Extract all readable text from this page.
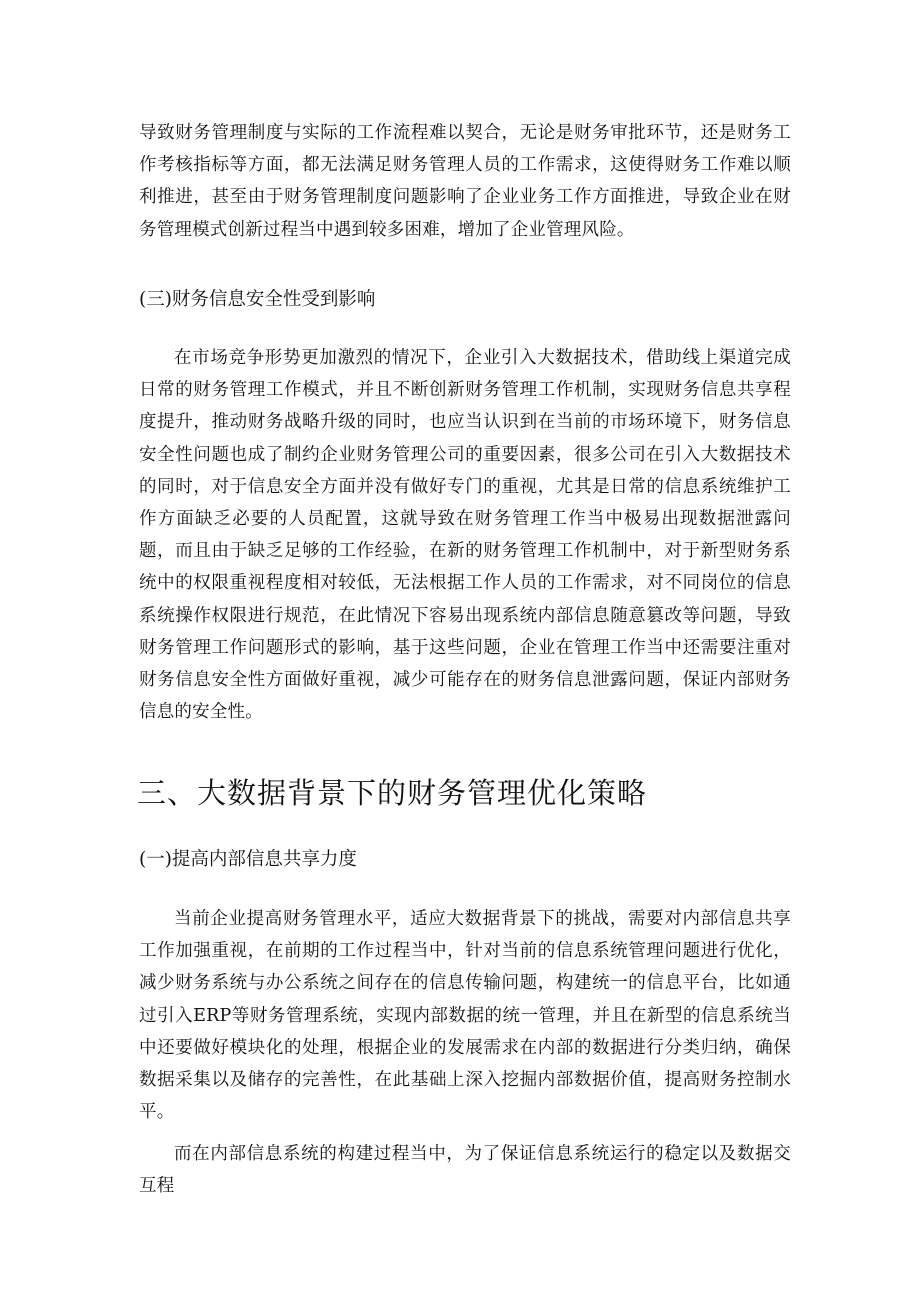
导致财务管理制度与实际的工作流程难以契合，无论是财务审批环节，还是财务工作考核指标等方面，都无法满足财务管理人员的工作需求，这使得财务工作难以顺利推进，甚至由于财务管理制度问题影响了企业业务工作方面推进，导致企业在财务管理模式创新过程当中遇到较多困难，增加了企业管理风险。

(三)财务信息安全性受到影响

在市场竞争形势更加激烈的情况下，企业引入大数据技术，借助线上渠道完成日常的财务管理工作模式，并且不断创新财务管理工作机制，实现财务信息共享程度提升，推动财务战略升级的同时，也应当认识到在当前的市场环境下，财务信息安全性问题也成了制约企业财务管理公司的重要因素，很多公司在引入大数据技术的同时，对于信息安全方面并没有做好专门的重视，尤其是日常的信息系统维护工作方面缺乏必要的人员配置，这就导致在财务管理工作当中极易出现数据泄露问题，而且由于缺乏足够的工作经验，在新的财务管理工作机制中，对于新型财务系统中的权限重视程度相对较低，无法根据工作人员的工作需求，对不同岗位的信息系统操作权限进行规范，在此情况下容易出现系统内部信息随意篡改等问题，导致财务管理工作问题形式的影响，基于这些问题，企业在管理工作当中还需要注重对财务信息安全性方面做好重视，减少可能存在的财务信息泄露问题，保证内部财务信息的安全性。

三、大数据背景下的财务管理优化策略
(一)提高内部信息共享力度

当前企业提高财务管理水平，适应大数据背景下的挑战，需要对内部信息共享工作加强重视，在前期的工作过程当中，针对当前的信息系统管理问题进行优化，减少财务系统与办公系统之间存在的信息传输问题，构建统一的信息平台，比如通过引入ERP等财务管理系统，实现内部数据的统一管理，并且在新型的信息系统当中还要做好模块化的处理，根据企业的发展需求在内部的数据进行分类归纳，确保数据采集以及储存的完善性，在此基础上深入挖掘内部数据价值，提高财务控制水平。

而在内部信息系统的构建过程当中，为了保证信息系统运行的稳定以及数据交互程
